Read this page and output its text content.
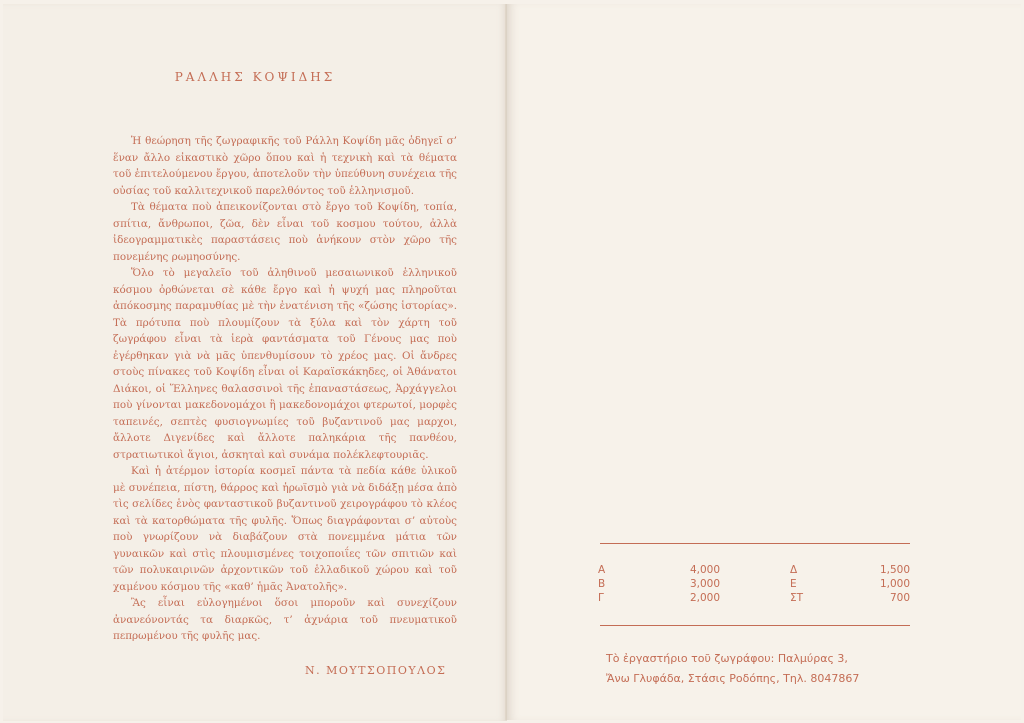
ΡΑΛΛΗΣ ΚΟΨΙΔΗΣ

Ἡ θεώρηση τῆς ζωγραφικῆς τοῦ Ράλλη Κοψίδη μᾶς ὁδηγεῖ σ’ ἕναν ἄλλο εἰκαστικὸ χῶρο ὅπου καὶ ἡ τεχνικὴ καὶ τὰ θέματα τοῦ ἐπιτελούμενου ἔργου, ἀποτελοῦν τὴν ὑπεύθυνη συνέχεια τῆς οὐσίας τοῦ καλλιτεχνικοῦ παρελθόντος τοῦ ἑλληνισμοῦ.

Τὰ θέματα ποὺ ἀπεικονίζονται στὸ ἔργο τοῦ Κοψίδη, τοπία, σπίτια, ἄνθρωποι, ζῶα, δὲν εἶναι τοῦ κοσμου τούτου, ἀλλὰ ἰδεογραμματικὲς παραστάσεις ποὺ ἀνήκουν στὸν χῶρο τῆς πονεμένης ρωμηοσύνης.

Ὅλο τὸ μεγαλεῖο τοῦ ἀληθινοῦ μεσαιωνικοῦ ἑλληνικοῦ κόσμου ὀρθώνεται σὲ κάθε ἔργο καὶ ἡ ψυχή μας πληροῦται ἀπόκοσμης παραμυθίας μὲ τὴν ἐνατένιση τῆς «ζώσης ἱστορίας». Τὰ πρότυπα ποὺ πλουμίζουν τὰ ξύλα καὶ τὸν χάρτη τοῦ ζωγράφου εἶναι τὰ ἱερὰ φαντάσματα τοῦ Γένους μας ποὺ ἐγέρθηκαν γιὰ νὰ μᾶς ὑπενθυμίσουν τὸ χρέος μας. Οἱ ἄνδρες στοὺς πίνακες τοῦ Κοψίδη εἶναι οἱ Καραϊσκάκηδες, οἱ Ἀθάνατοι Διάκοι, οἱ Ἕλληνες θαλασσινοὶ τῆς ἐπαναστάσεως, Ἀρχάγγελοι ποὺ γίνονται μακεδονομάχοι ἢ μακεδονομάχοι φτερωτοί, μορφὲς ταπεινές, σεπτὲς φυσιογνωμίες τοῦ βυζαντινοῦ μας μαρχοι, ἄλλοτε Διγενίδες καὶ ἄλλοτε παληκάρια τῆς πανθέου, στρατιωτικοὶ ἅγιοι, ἀσκηταὶ καὶ συνάμα πολέκλεφτουριᾶς.

Καὶ ἡ ἀτέρμον ἱστορία κοσμεῖ πάντα τὰ πεδία κάθε ὑλικοῦ μὲ συνέπεια, πίστη, θάρρος καὶ ἡρωϊσμὸ γιὰ νὰ διδάξῃ μέσα ἀπὸ τὶς σελίδες ἑνὸς φανταστικοῦ βυζαντινοῦ χειρογράφου τὸ κλέος καὶ τὰ κατορθώματα τῆς φυλῆς. Ὅπως διαγράφονται σ’ αὐτοὺς ποὺ γνωρίζουν νὰ διαβάζουν στὰ πονεμμένα μάτια τῶν γυναικῶν καὶ στὶς πλουμισμένες τοιχοποιΐες τῶν σπιτιῶν καὶ τῶν πολυκαιρινῶν ἀρχοντικῶν τοῦ ἑλλαδικοῦ χώρου καὶ τοῦ χαμένου κόσμου τῆς «καθ’ ἡμᾶς Ἀνατολῆς».

Ἂς εἶναι εὐλογημένοι ὅσοι μποροῦν καὶ συνεχίζουν ἀνανεόνοντάς τα διαρκῶς, τ’ ἀχνάρια τοῦ πνευματικοῦ πεπρωμένου τῆς φυλῆς μας.

Ν. ΜΟΥΤΣΟΠΟΥΛΟΣ
Α	4,000		Δ	1,500
Β	3,000		Ε	1,000
Γ	2,000		ΣΤ	700
Τὸ ἐργαστήριο τοῦ ζωγράφου: Παλμύρας 3,
Ἄνω Γλυφάδα, Στάσις Ροδόπης, Τηλ. 8047867
